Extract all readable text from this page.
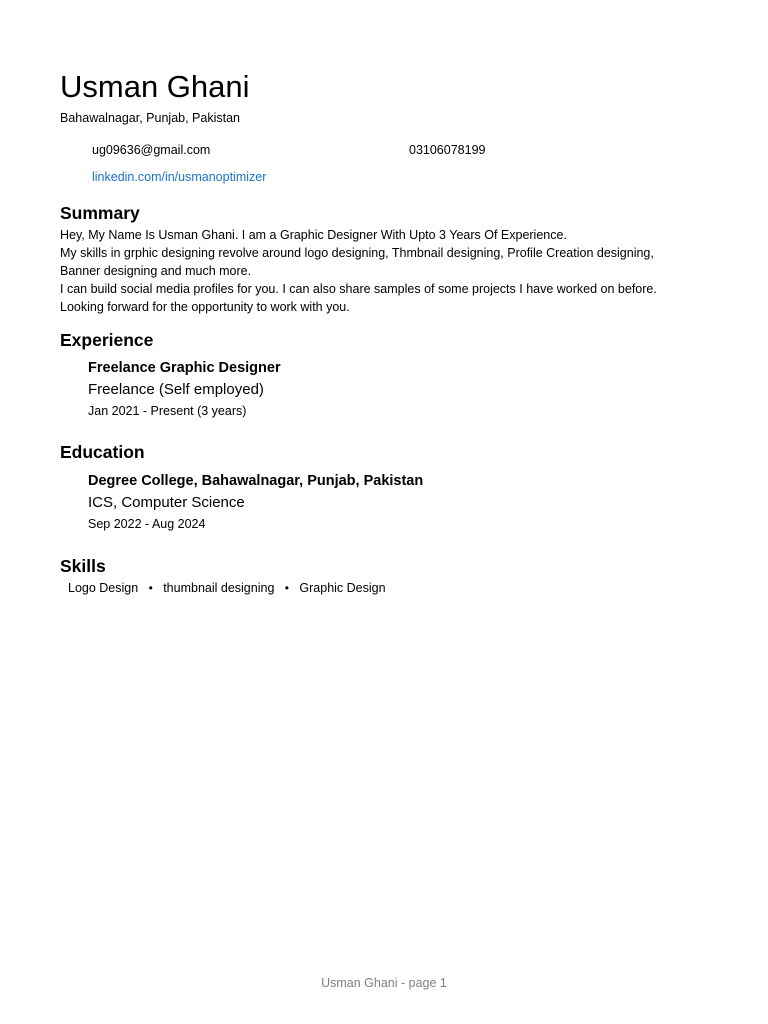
Usman Ghani
Bahawalnagar, Punjab, Pakistan
ug09636@gmail.com	03106078199
linkedin.com/in/usmanoptimizer
Summary
Hey, My Name Is Usman Ghani. I am a Graphic Designer With Upto 3 Years Of Experience.
My skills in grphic designing revolve around logo designing, Thmbnail designing, Profile Creation designing,
Banner designing and much more.
I can build social media profiles for you. I can also share samples of some projects I have worked on before.
Looking forward for the opportunity to work with you.
Experience
Freelance Graphic Designer
Freelance (Self employed)
Jan 2021 - Present (3 years)
Education
Degree College, Bahawalnagar, Punjab, Pakistan
ICS, Computer Science
Sep 2022 - Aug 2024
Skills
Logo Design • thumbnail designing • Graphic Design
Usman Ghani - page 1
